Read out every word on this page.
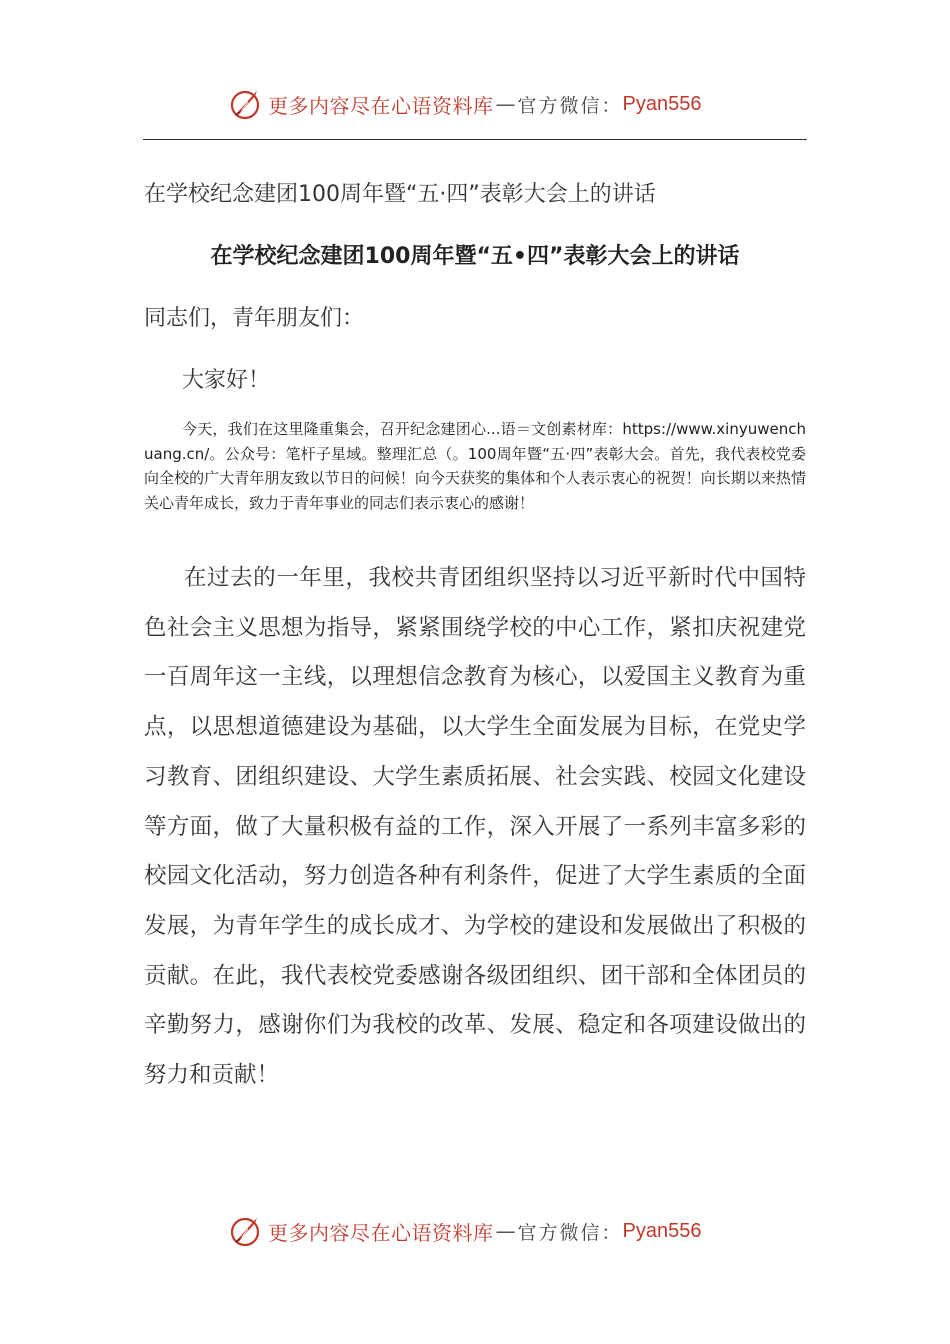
更多内容尽在心语资料库 — 官方微信： Pyan556
在学校纪念建团100周年暨“五·四”表彰大会上的讲话
在学校纪念建团100周年暨“五•四”表彰大会上的讲话
同志们，青年朋友们：
大家好！

今天，我们在这里隆重集会，召开纪念建团心...语＝文创素材库：https://www.xinyuwenchuang.cn/。公众号：笔杆子星域。整理汇总（。100周年暨“五·四”表彰大会。首先，我代表校党委向全校的广大青年朋友致以节日的问候！向今天获奖的集体和个人表示衷心的祝贺！向长期以来热情关心青年成长，致力于青年事业的同志们表示衷心的感谢！

在过去的一年里，我校共青团组织坚持以习近平新时代中国特色社会主义思想为指导，紧紧围绕学校的中心工作，紧扣庆祝建党一百周年这一主线，以理想信念教育为核心，以爱国主义教育为重点，以思想道德建设为基础，以大学生全面发展为目标，在党史学习教育、团组织建设、大学生素质拓展、社会实践、校园文化建设等方面，做了大量积极有益的工作，深入开展了一系列丰富多彩的校园文化活动，努力创造各种有利条件，促进了大学生素质的全面发展，为青年学生的成长成才、为学校的建设和发展做出了积极的贡献。在此，我代表校党委感谢各级团组织、团干部和全体团员的辛勤努力，感谢你们为我校的改革、发展、稳定和各项建设做出的努力和贡献！

更多内容尽在心语资料库 — 官方微信： Pyan556
